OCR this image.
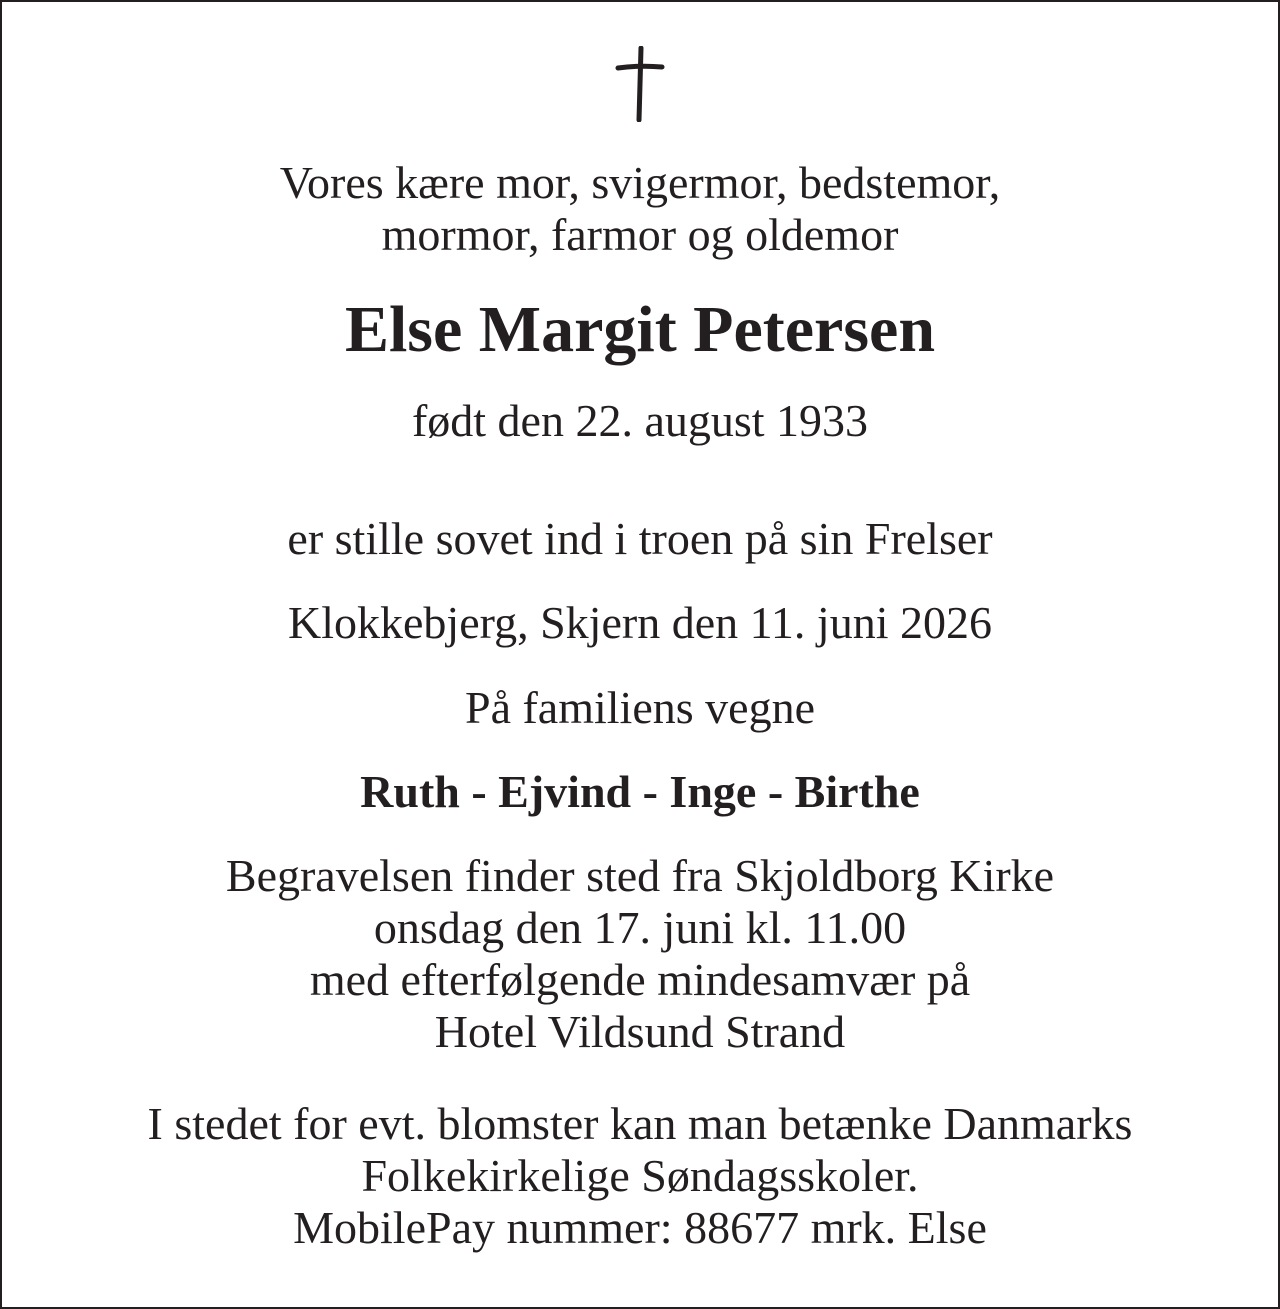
Vores kære mor, svigermor, bedstemor,
mormor, farmor og oldemor

Else Margit Petersen

født den 22. august 1933

er stille sovet ind i troen på sin Frelser

Klokkebjerg, Skjern den 11. juni 2026

På familiens vegne

Ruth - Ejvind - Inge - Birthe

Begravelsen finder sted fra Skjoldborg Kirke
onsdag den 17. juni kl. 11.00
med efterfølgende mindesamvær på
Hotel Vildsund Strand

I stedet for evt. blomster kan man betænke Danmarks
Folkekirkelige Søndagsskoler.
MobilePay nummer: 88677 mrk. Else
